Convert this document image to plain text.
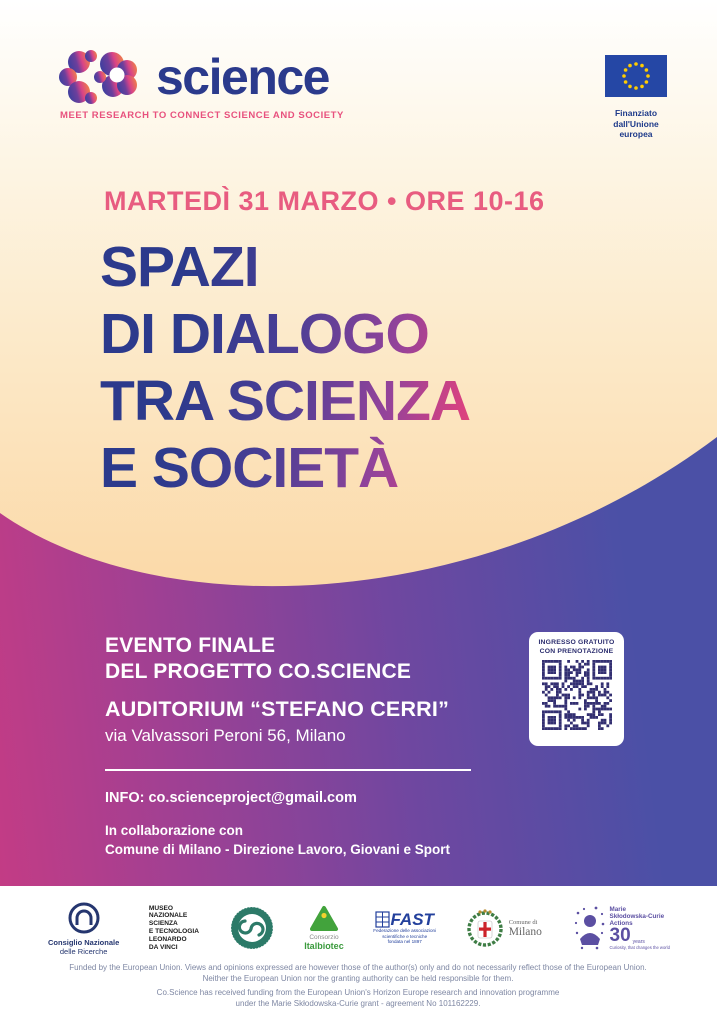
science
MEET RESEARCH TO CONNECT SCIENCE AND SOCIETY	Finanziato
dall'Unione europea
MARTEDÌ 31 MARZO • ORE 10-16
SPAZI
DI DIALOGO
TRA SCIENZA
E SOCIETÀ
EVENTO FINALE
DEL PROGETTO CO.SCIENCE
AUDITORIUM “STEFANO CERRI”
via Valvassori Peroni 56, Milano
INGRESSO GRATUITO
CON PRENOTAZIONE
INFO: co.scienceproject@gmail.com
In collaborazione con
Comune di Milano - Direzione Lavoro, Giovani e Sport
Consiglio Nazionale
delle Ricerche
MUSEO
NAZIONALE
SCIENZA
E TECNOLOGIA
LEONARDO
DA VINCI
Consorzio
Italbiotec
FAST
Federazione delle associazioni
scientifiche e tecniche
fondata nel 1897
Comune di
Milano
Marie
Skłodowska-Curie
Actions
30 years
Curiosity, that changes the world
Funded by the European Union. Views and opinions expressed are however those of the author(s) only and do not necessarily reflect those of the European Union.
Neither the European Union nor the granting authority can be held responsible for them.
Co.Science has received funding from the European Union's Horizon Europe research and innovation programme
under the Marie Skłodowska-Curie grant - agreement No 101162229.
